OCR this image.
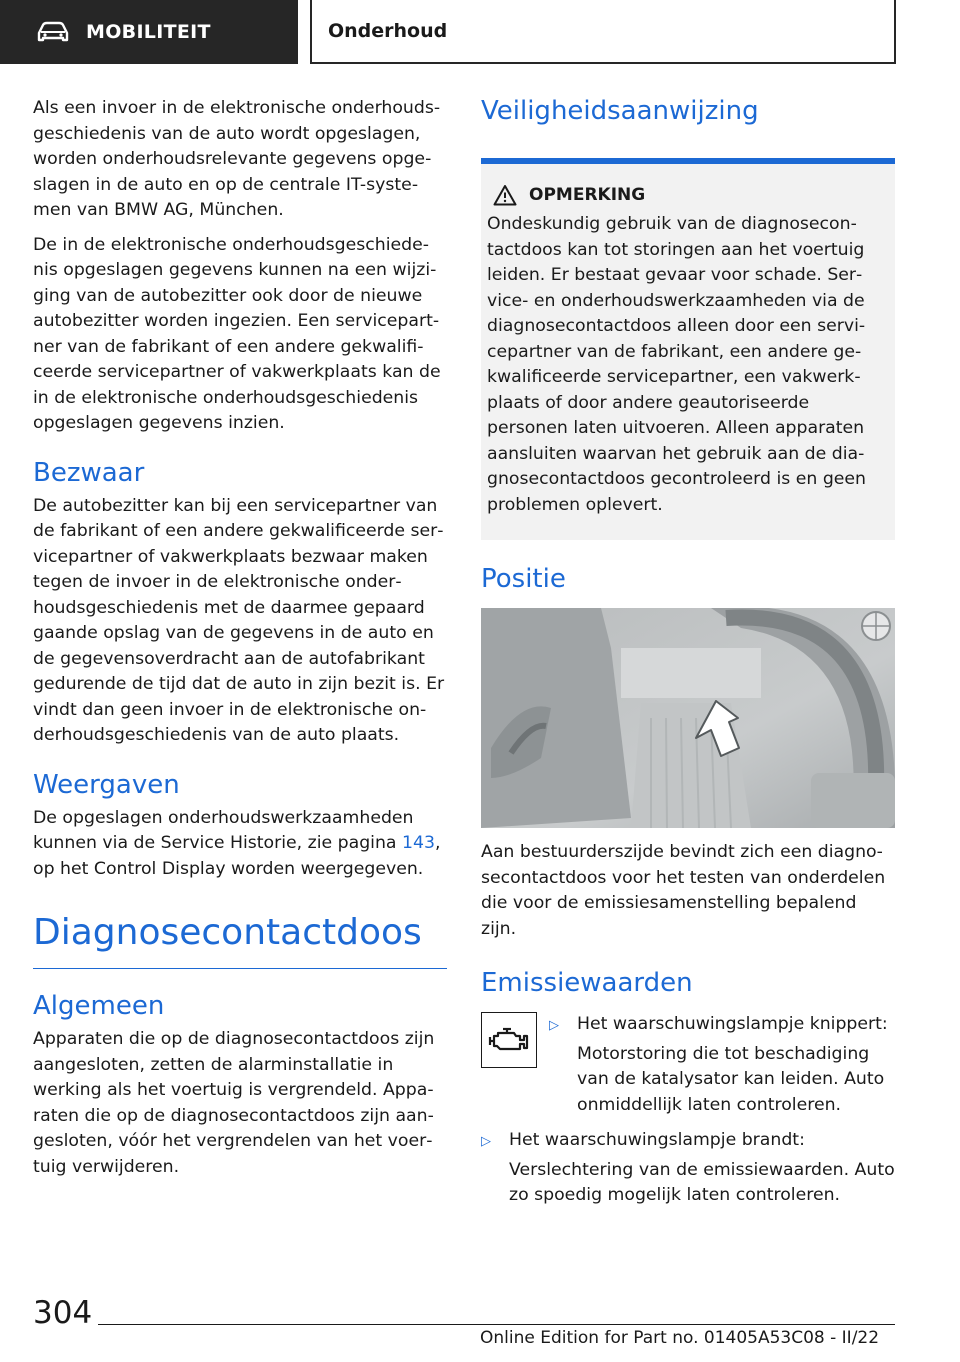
MOBILITEIT	Onderhoud

Als een invoer in de elektronische onderhoudsgeschiedenis van de auto wordt opgeslagen, worden onderhoudsrelevante gegevens opgeslagen in de auto en op de centrale IT-systemen van BMW AG, München.

De in de elektronische onderhoudsgeschiedenis opgeslagen gegevens kunnen na een wijziging van de autobezitter ook door de nieuwe autobezitter worden ingezien. Een servicepartner van de fabrikant of een andere gekwalificeerde servicepartner of vakwerkplaats kan de in de elektronische onderhoudsgeschiedenis opgeslagen gegevens inzien.

Bezwaar

De autobezitter kan bij een servicepartner van de fabrikant of een andere gekwalificeerde servicepartner of vakwerkplaats bezwaar maken tegen de invoer in de elektronische onderhoudsgeschiedenis met de daarmee gepaard gaande opslag van de gegevens in de auto en de gegevensoverdracht aan de autofabrikant gedurende de tijd dat de auto in zijn bezit is. Er vindt dan geen invoer in de elektronische onderhoudsgeschiedenis van de auto plaats.

Weergaven

De opgeslagen onderhoudswerkzaamheden kunnen via de Service Historie, zie pagina 143, op het Control Display worden weergegeven.

Diagnosecontactdoos
Algemeen

Apparaten die op de diagnosecontactdoos zijn aangesloten, zetten de alarminstallatie in werking als het voertuig is vergrendeld. Apparaten die op de diagnosecontactdoos zijn aangesloten, vóór het vergrendelen van het voertuig verwijderen.

Veiligheidsaanwijzing
OPMERKING

Ondeskundig gebruik van de diagnosecontactdoos kan tot storingen aan het voertuig leiden. Er bestaat gevaar voor schade. Service- en onderhoudswerkzaamheden via de diagnosecontactdoos alleen door een servicepartner van de fabrikant, een andere gekwalificeerde servicepartner, een vakwerkplaats of door andere geautoriseerde personen laten uitvoeren. Alleen apparaten aansluiten waarvan het gebruik aan de diagnosecontactdoos gecontroleerd is en geen problemen oplevert.

Positie

Aan bestuurderszijde bevindt zich een diagnosecontactdoos voor het testen van onderdelen die voor de emissiesamenstelling bepalend zijn.

Emissiewaarden
▷	Het waarschuwingslampje knippert:

Motorstoring die tot beschadiging van de katalysator kan leiden. Auto onmiddellijk laten controleren.

▷	Het waarschuwingslampje brandt:

Verslechtering van de emissiewaarden. Auto zo spoedig mogelijk laten controleren.

304
Online Edition for Part no. 01405A53C08 - II/22
